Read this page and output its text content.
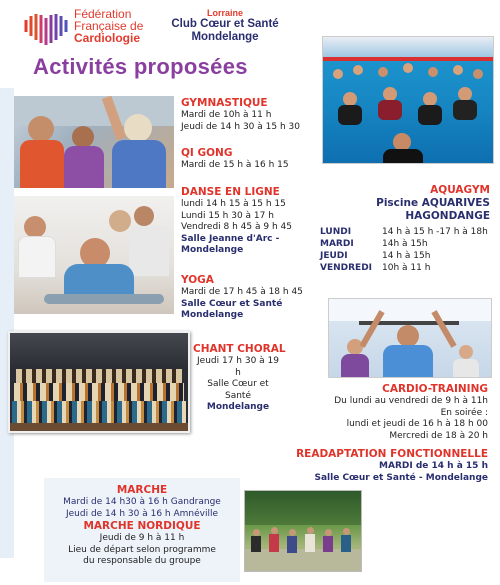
Fédération
Française de
Cardiologie
Lorraine
Club Cœur et Santé
Mondelange
Activités proposées
GYMNASTIQUE
Mardi de 10h à 11 h
Jeudi de 14 h 30 à 15 h 30
QI GONG
Mardi de 15 h à 16 h 15
DANSE EN LIGNE
lundi 14 h 15 à 15 h 15
Lundi 15 h 30 à 17 h
Vendredi 8 h 45 à 9 h 45
Salle Jeanne d'Arc -
Mondelange
YOGA
Mardi de 17 h 45 à 18 h 45
Salle Cœur et Santé
Mondelange
CHANT CHORAL
Jeudi 17 h 30 à 19 h
Salle Cœur et Santé
Mondelange
AQUAGYM
Piscine AQUARIVES
HAGONDANGE
LUNDI	14 h à 15 h -17 h à 18h
MARDI	14h à 15h
JEUDI	14 h à 15h
VENDREDI	10h à 11 h
CARDIO-TRAINING
Du lundi au vendredi de 9 h à 11h
En soirée :
lundi et jeudi de 16 h à 18 h 00
Mercredi de 18 à 20 h
READAPTATION FONCTIONNELLE
MARDI de 14 h à 15 h
Salle Cœur et Santé - Mondelange
MARCHE
Mardi de 14 h30 à 16 h Gandrange
Jeudi de 14 h 30 à 16 h Amnéville
MARCHE NORDIQUE
Jeudi de 9 h à 11 h
Lieu de départ selon programme
du responsable du groupe
